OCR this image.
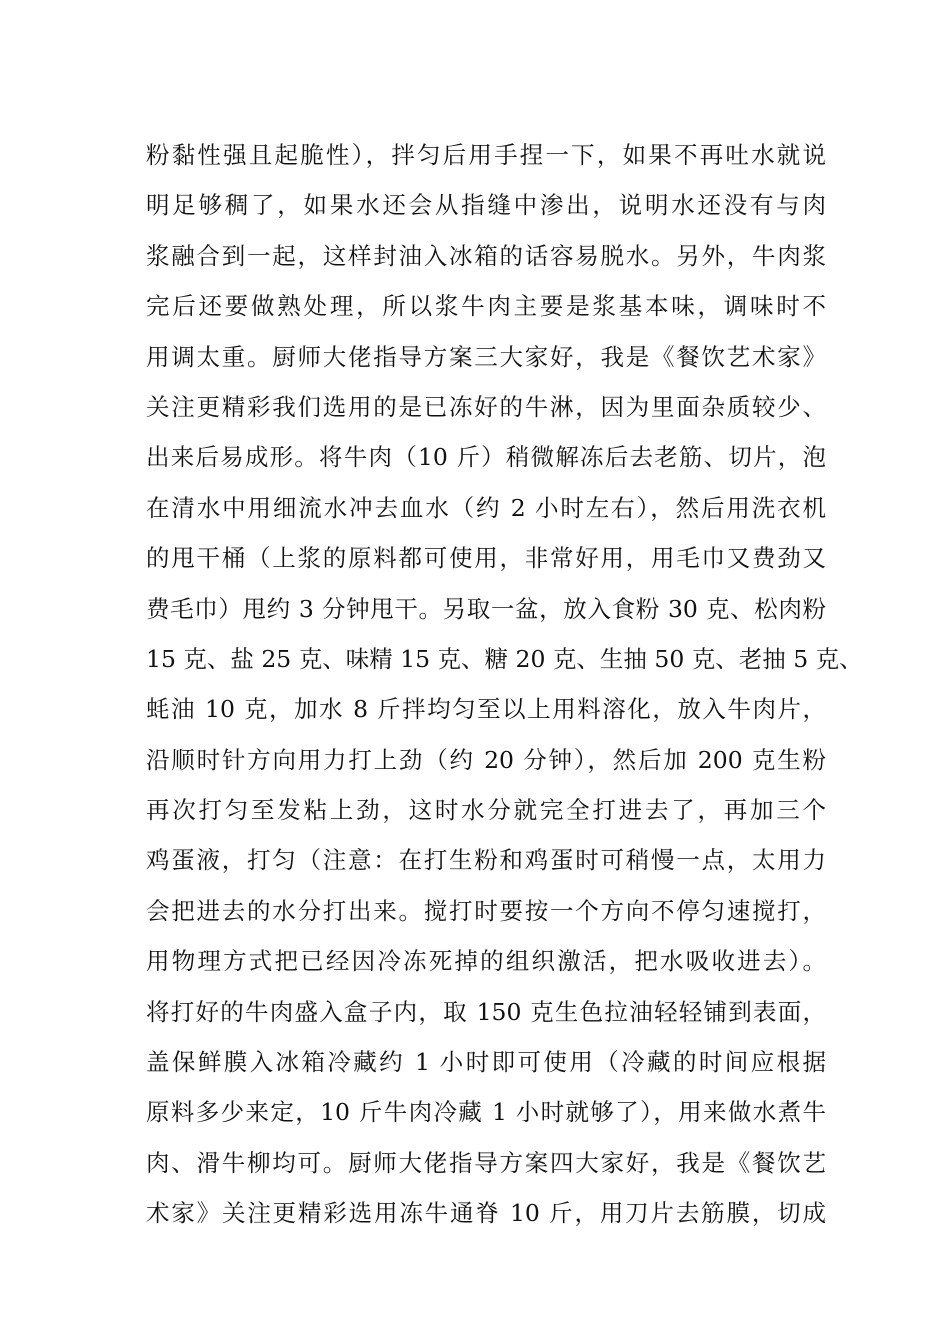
粉黏性强且起脆性），拌匀后用手捏一下，如果不再吐水就说
明足够稠了，如果水还会从指缝中渗出，说明水还没有与肉
浆融合到一起，这样封油入冰箱的话容易脱水。另外，牛肉浆
完后还要做熟处理，所以浆牛肉主要是浆基本味，调味时不
用调太重。厨师大佬指导方案三大家好，我是《餐饮艺术家》
关注更精彩我们选用的是已冻好的牛淋，因为里面杂质较少、
出来后易成形。将牛肉（10 斤）稍微解冻后去老筋、切片，泡
在清水中用细流水冲去血水（约 2 小时左右），然后用洗衣机
的甩干桶（上浆的原料都可使用，非常好用，用毛巾又费劲又
费毛巾）甩约 3 分钟甩干。另取一盆，放入食粉 30 克、松肉粉
15 克、盐 25 克、味精 15 克、糖 20 克、生抽 50 克、老抽 5 克、
蚝油 10 克，加水 8 斤拌均匀至以上用料溶化，放入牛肉片，
沿顺时针方向用力打上劲（约 20 分钟），然后加 200 克生粉
再次打匀至发粘上劲，这时水分就完全打进去了，再加三个
鸡蛋液，打匀（注意：在打生粉和鸡蛋时可稍慢一点，太用力
会把进去的水分打出来。搅打时要按一个方向不停匀速搅打，
用物理方式把已经因冷冻死掉的组织激活，把水吸收进去）。
将打好的牛肉盛入盒子内，取 150 克生色拉油轻轻铺到表面，
盖保鲜膜入冰箱冷藏约 1 小时即可使用（冷藏的时间应根据
原料多少来定，10 斤牛肉冷藏 1 小时就够了），用来做水煮牛
肉、滑牛柳均可。厨师大佬指导方案四大家好，我是《餐饮艺
术家》关注更精彩选用冻牛通脊 10 斤，用刀片去筋膜，切成
